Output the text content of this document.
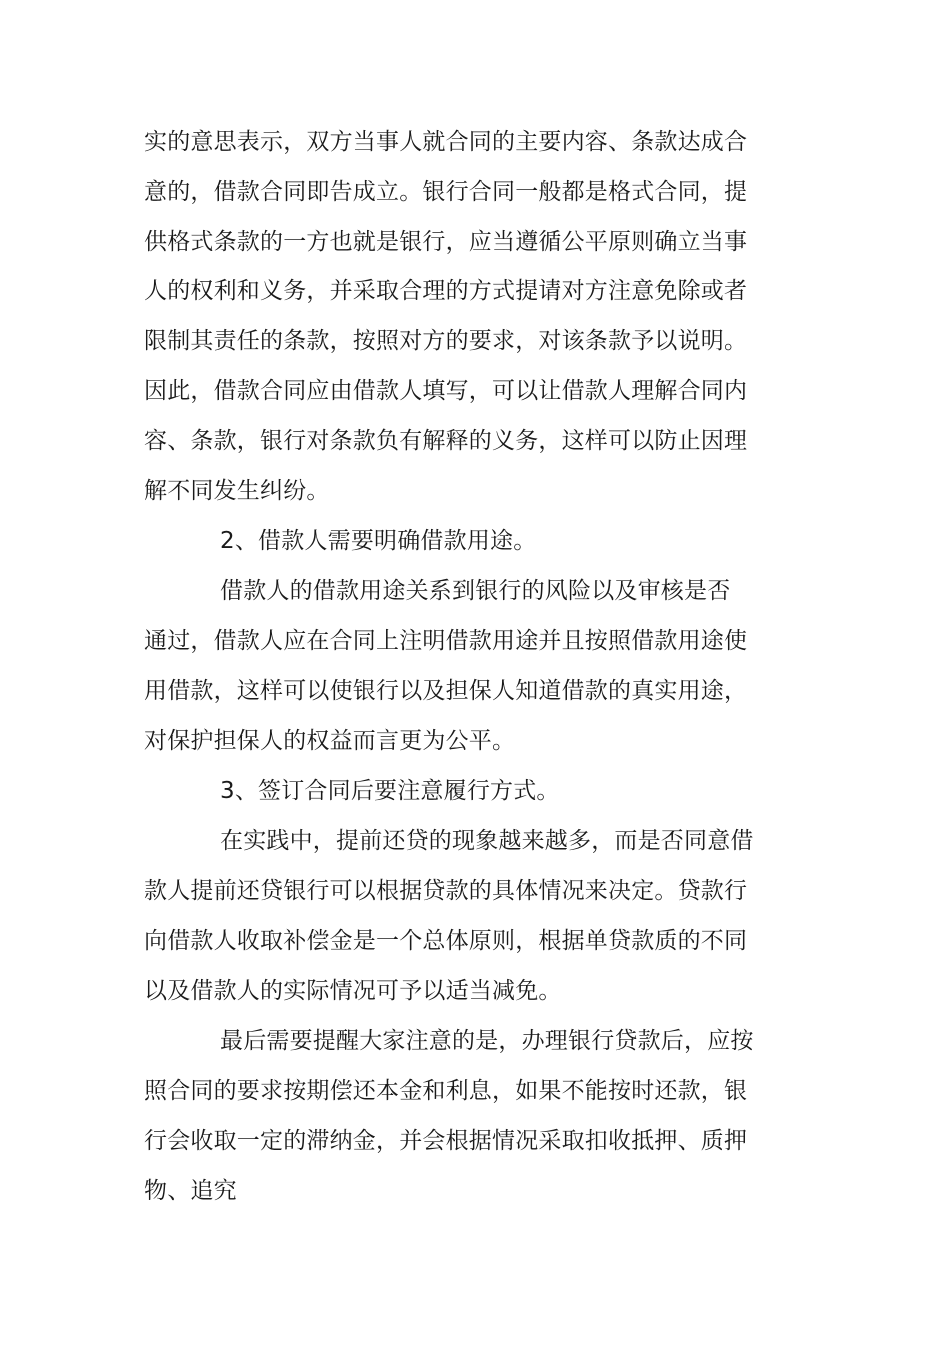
实的意思表示，双方当事人就合同的主要内容、条款达成合
意的，借款合同即告成立。银行合同一般都是格式合同，提
供格式条款的一方也就是银行，应当遵循公平原则确立当事
人的权利和义务，并采取合理的方式提请对方注意免除或者
限制其责任的条款，按照对方的要求，对该条款予以说明。
因此，借款合同应由借款人填写，可以让借款人理解合同内
容、条款，银行对条款负有解释的义务，这样可以防止因理
解不同发生纠纷。
2、借款人需要明确借款用途。
借款人的借款用途关系到银行的风险以及审核是否
通过，借款人应在合同上注明借款用途并且按照借款用途使
用借款，这样可以使银行以及担保人知道借款的真实用途，
对保护担保人的权益而言更为公平。
3、签订合同后要注意履行方式。
在实践中，提前还贷的现象越来越多，而是否同意借
款人提前还贷银行可以根据贷款的具体情况来决定。贷款行
向借款人收取补偿金是一个总体原则，根据单贷款质的不同
以及借款人的实际情况可予以适当减免。
最后需要提醒大家注意的是，办理银行贷款后，应按
照合同的要求按期偿还本金和利息，如果不能按时还款，银
行会收取一定的滞纳金，并会根据情况采取扣收抵押、质押
物、追究
